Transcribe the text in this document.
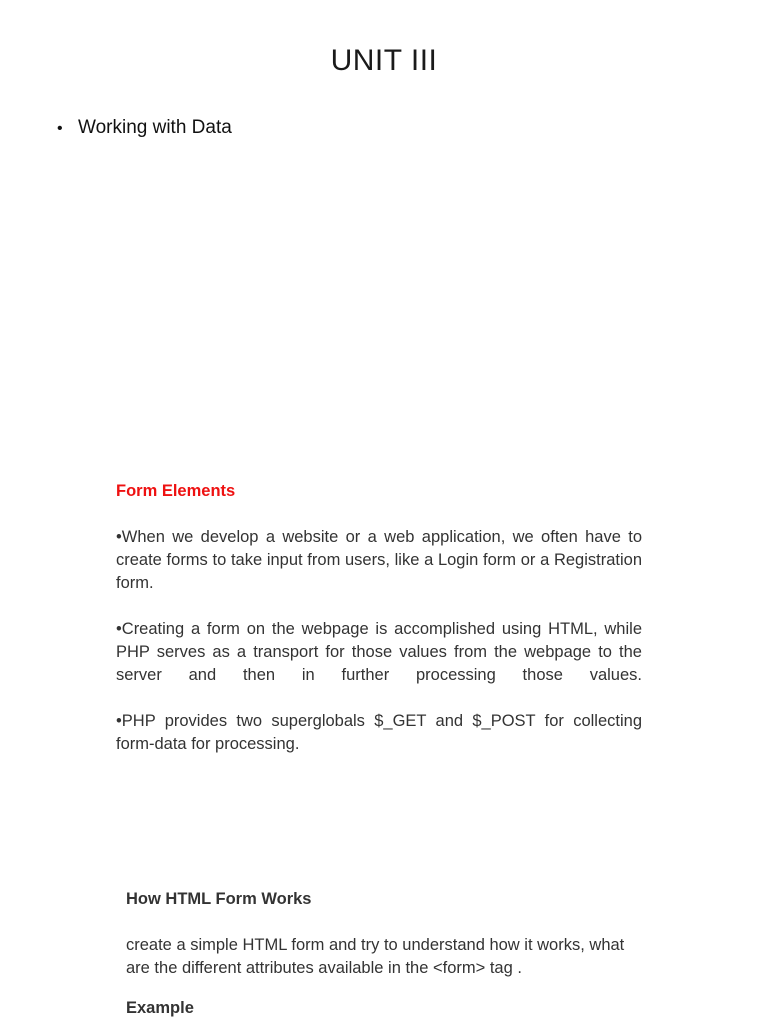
UNIT III
• Working with Data

Form Elements

•When we develop a website or a web application, we often have to create forms to take input from users, like a Login form or a Registration form.

•Creating a form on the webpage is accomplished using HTML, while PHP serves as a transport for those values from the webpage to the server and then in further processing those values.

•PHP provides two superglobals $_GET and $_POST for collecting form-data for processing.

How HTML Form Works

create a simple HTML form and try to understand how it works, what are the different attributes available in the <form> tag .

Example
